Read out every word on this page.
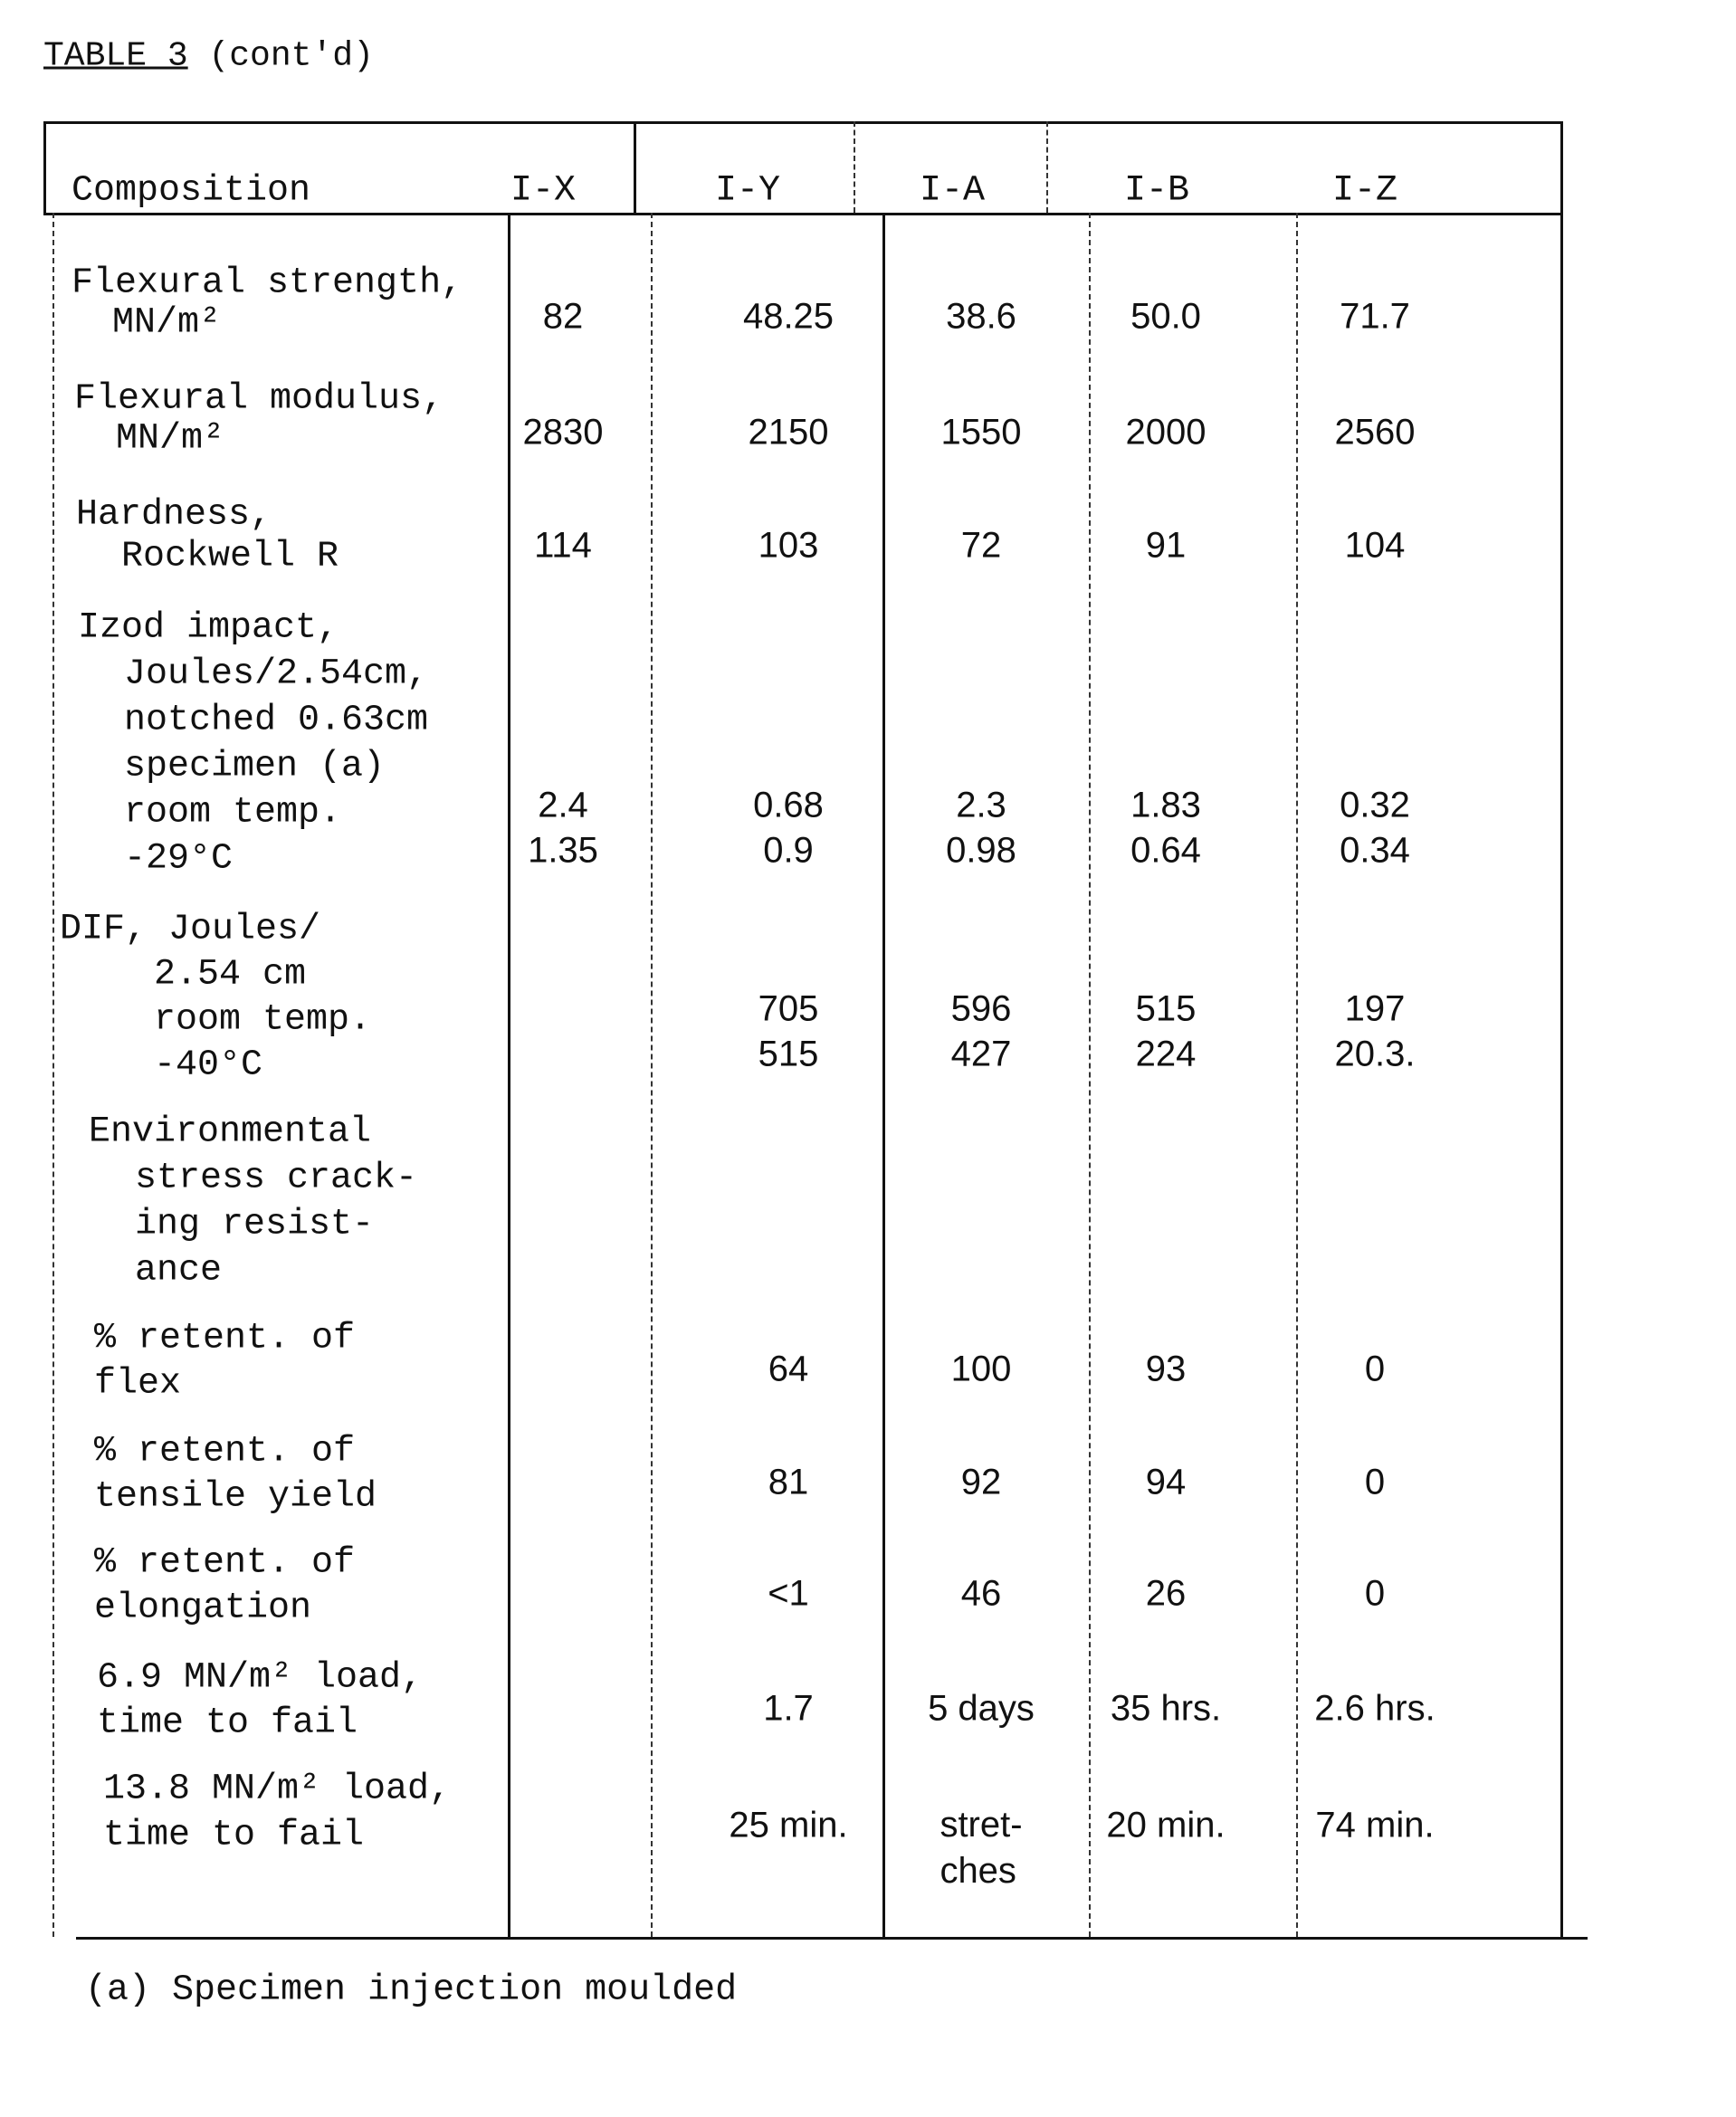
TABLE 3 (cont'd)
Composition	I-X	I-Y	I-A	I-B	I-Z
Flexural strength,
MN/m²	82	48.25	38.6	50.0	71.7
Flexural modulus,
MN/m²	2830	2150	1550	2000	2560
Hardness,
Rockwell R	114	103	72	91	104
Izod impact,
Joules/2.54cm,
notched 0.63cm
specimen (a)
room temp.
-29°C
2.4	0.68	2.3	1.83	0.32
1.35	0.9	0.98	0.64	0.34
DIF, Joules/
2.54 cm
room temp.
-40°C
705	596	515	197
515	427	224	20.3.
Environmental
stress crack-
ing resist-
ance
% retent. of
flex	64	100	93	0
% retent. of
tensile yield	81	92	94	0
% retent. of
elongation	<1	46	26	0
6.9 MN/m² load,
time to fail	1.7	5 days 35 hrs.	2.6 hrs.
13.8 MN/m² load,
time to fail	25 min.	stret-
ches
20 min. 74 min.
(a) Specimen injection moulded
